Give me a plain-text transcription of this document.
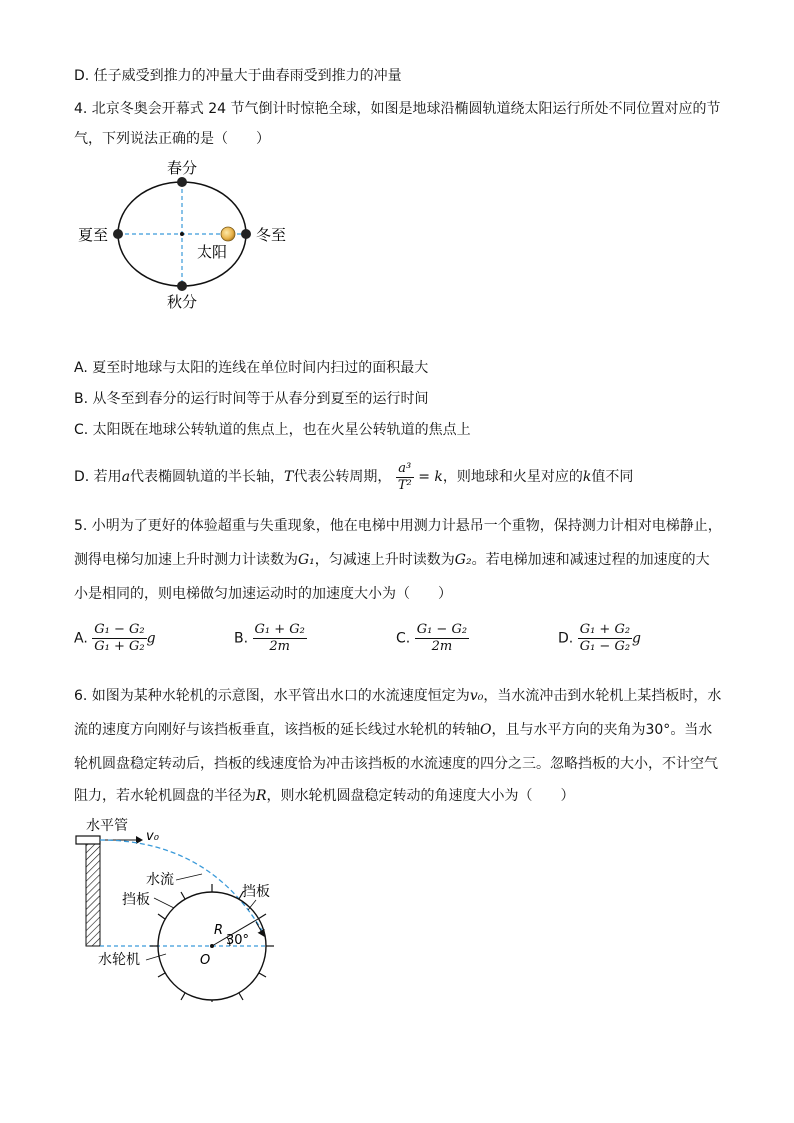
D. 任子威受到推力的冲量大于曲春雨受到推力的冲量
4. 北京冬奥会开幕式 24 节气倒计时惊艳全球，如图是地球沿椭圆轨道绕太阳运行所处不同位置对应的节
气，下列说法正确的是（　　）
春分
秋分
夏至	冬至
太阳
A. 夏至时地球与太阳的连线在单位时间内扫过的面积最大
B. 从冬至到春分的运行时间等于从春分到夏至的运行时间
C. 太阳既在地球公转轨道的焦点上，也在火星公转轨道的焦点上
D. 若用a代表椭圆轨道的半长轴，T代表公转周期， $\frac{\text{a³}}{\text{T²}} = k$，则地球和火星对应的k值不同
5. 小明为了更好的体验超重与失重现象，他在电梯中用测力计悬吊一个重物，保持测力计相对电梯静止，
测得电梯匀加速上升时测力计读数为G₁，匀减速上升时读数为G₂。若电梯加速和减速过程的加速度的大
小是相同的，则电梯做匀加速运动时的加速度大小为（　　）
A. $\frac{\text{G₁ − G₂}}{\text{G₁ + G₂}}$ g	B. $\frac{\text{G₁ + G₂}}{2m}$	C. $\frac{\text{G₁ − G₂}}{2m}$	D. $\frac{\text{G₁ + G₂}}{\text{G₁ − G₂}}$ g
6. 如图为某种水轮机的示意图，水平管出水口的水流速度恒定为v₀，当水流冲击到水轮机上某挡板时，水
流的速度方向刚好与该挡板垂直，该挡板的延长线过水轮机的转轴O，且与水平方向的夹角为30°。当水
轮机圆盘稳定转动后，挡板的线速度恰为冲击该挡板的水流速度的四分之三。忽略挡板的大小，不计空气
阻力，若水轮机圆盘的半径为R，则水轮机圆盘稳定转动的角速度大小为（　　）
水平管
v₀
水流
挡板	挡板
R
30°
水轮机	O
